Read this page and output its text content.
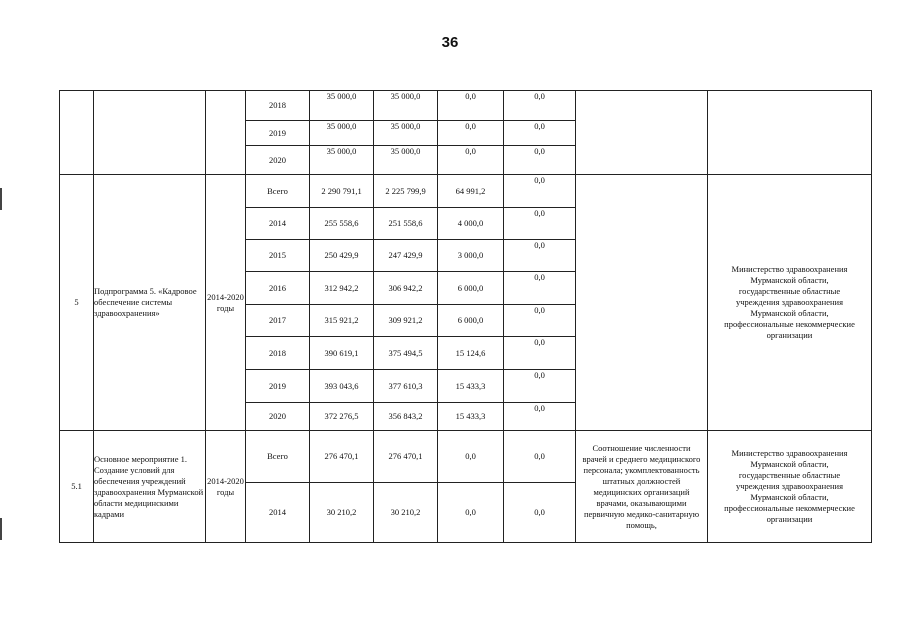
36
			2018	35 000,0	35 000,0	0,0	0,0		
			2019	35 000,0	35 000,0	0,0	0,0		
			2020	35 000,0	35 000,0	0,0	0,0		
5	Подпрограмма 5. «Кадровое обеспечение системы здравоохранения»	2014-2020 годы	Всего	2 290 791,1	2 225 799,9	64 991,2	0,0		Министерство здравоохранения Мурманской области, государственные областные учреждения здравоохранения Мурманской области, профессиональные некоммерческие организации
			2014	255 558,6	251 558,6	4 000,0	0,0		
			2015	250 429,9	247 429,9	3 000,0	0,0		
			2016	312 942,2	306 942,2	6 000,0	0,0		
			2017	315 921,2	309 921,2	6 000,0	0,0		
			2018	390 619,1	375 494,5	15 124,6	0,0		
			2019	393 043,6	377 610,3	15 433,3	0,0		
			2020	372 276,5	356 843,2	15 433,3	0,0		
5.1	Основное мероприятие 1. Создание условий для обеспечения учреждений здравоохранения Мурманской области медицинскими кадрами	2014-2020 годы	Всего	276 470,1	276 470,1	0,0	0,0	Соотношение численности врачей и среднего медицинского персонала; укомплектованность штатных должностей медицинских организаций врачами, оказывающими первичную медико-санитарную помощь,	Министерство здравоохранения Мурманской области, государственные областные учреждения здравоохранения Мурманской области, профессиональные некоммерческие организации
			2014	30 210,2	30 210,2	0,0	0,0		
